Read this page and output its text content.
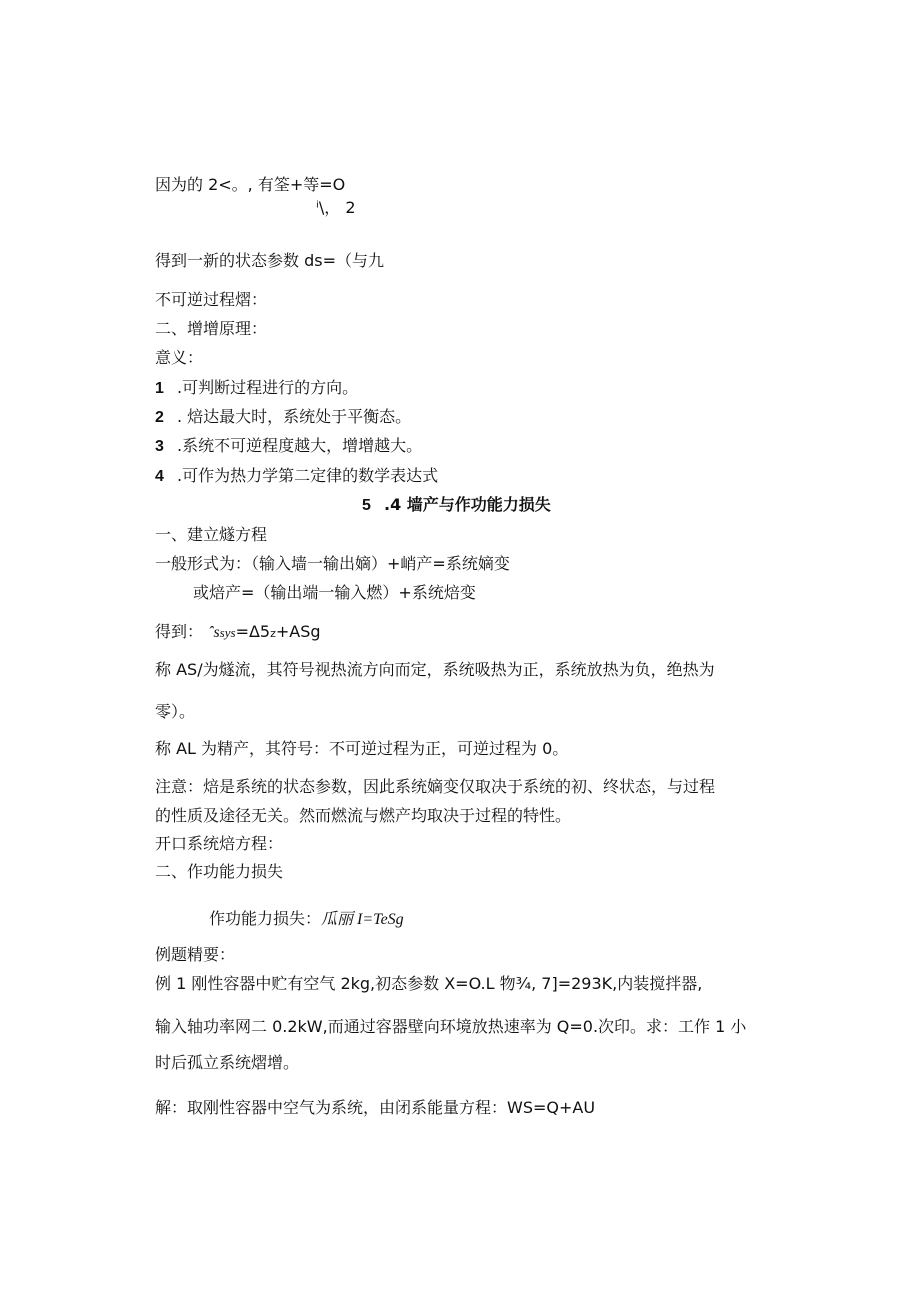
因为的 2<。, 有筌+等=O
ⁱ\， 2
得到一新的状态参数 ds=（与九
不可逆过程熠：
二、增增原理：
意义：
1 .可判断过程进行的方向。
2 . 焙达最大时，系统处于平衡态。
3 .系统不可逆程度越大，增增越大。
4 .可作为热力学第二定律的数学表达式
5 .4 墙产与作功能力损失
一、建立燧方程
一般形式为：（输入墙一输出嫡）+峭产=系统嫡变
或焙产=（输出端一输入燃）+系统焙变
得到： ˆssys=Δ5z+ASg
称 AS/为燧流，其符号视热流方向而定，系统吸热为正，系统放热为负，绝热为
零）。
称 AL 为精产，其符号：不可逆过程为正，可逆过程为 0。
注意：焙是系统的状态参数，因此系统嫡变仅取决于系统的初、终状态，与过程
的性质及途径无关。然而燃流与燃产均取决于过程的特性。
开口系统焙方程：
二、作功能力损失
作功能力损失：瓜丽 I=TeSg
例题精要：
例 1 刚性容器中贮有空气 2kg,初态参数 X=O.L 物¾, 7]=293K,内装搅拌器,
输入轴功率网二 0.2kW,而通过容器壁向环境放热速率为 Q=0.次印。求：工作 1 小
时后孤立系统熠增。
解：取刚性容器中空气为系统，由闭系能量方程：WS=Q+AU
